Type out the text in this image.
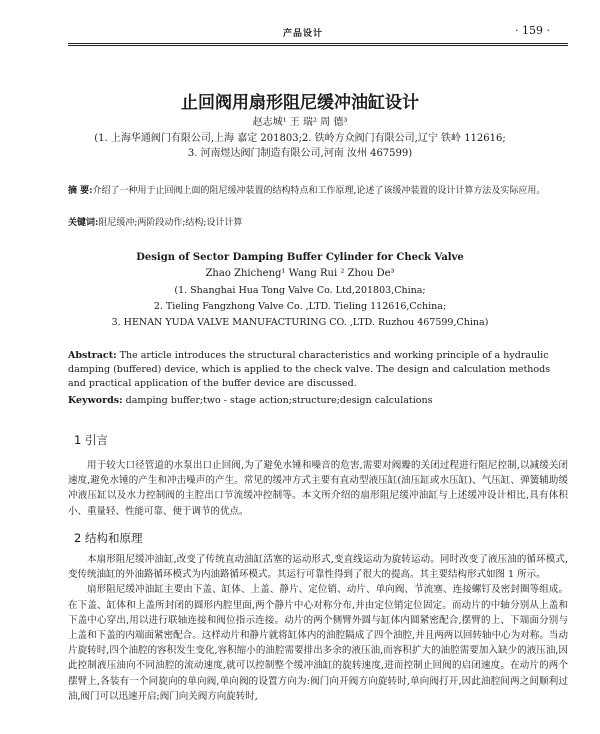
产品设计	· 159 ·
止回阀用扇形阻尼缓冲油缸设计
赵志城¹ 王 瑞² 周 德³
(1. 上海华通阀门有限公司,上海 嘉定 201803;2. 铁岭方众阀门有限公司,辽宁 铁岭 112616;
3. 河南煜达阀门制造有限公司,河南 汝州 467599)
摘 要:介绍了一种用于止回阀上面的阻尼缓冲装置的结构特点和工作原理,论述了该缓冲装置的设计计算方法及实际应用。
关键词:阻尼缓冲;两阶段动作;结构;设计计算
Design of Sector Damping Buffer Cylinder for Check Valve
Zhao Zhicheng¹ Wang Rui ² Zhou De³
(1. Shanghai Hua Tong Valve Co. Ltd,201803,China;
2. Tieling Fangzhong Valve Co. ,LTD. Tieling 112616,Cchina;
3. HENAN YUDA VALVE MANUFACTURING CO. ,LTD. Ruzhou 467599,China)
Abstract: The article introduces the structural characteristics and working principle of a hydraulic damping (buffered) device, which is applied to the check valve. The design and calculation methods and practical application of the buffer device are discussed.
Keywords: damping buffer;two - stage action;structure;design calculations
1 引言

用于较大口径管道的水泵出口止回阀,为了避免水锤和噪音的危害,需要对阀瓣的关闭过程进行阻尼控制,以减缓关闭速度,避免水锤的产生和冲击噪声的产生。常见的缓冲方式主要有直动型液压缸(油压缸或水压缸)、气压缸、弹簧辅助缓冲液压缸以及水力控制阀的主腔出口节流缓冲控制等。本文所介绍的扇形阻尼缓冲油缸与上述缓冲设计相比,具有体积小、重量轻、性能可靠、便于调节的优点。

2 结构和原理

本扇形阻尼缓冲油缸,改变了传统直动油缸活塞的运动形式,变直线运动为旋转运动。同时改变了液压油的循环模式,变传统油缸的外油路循环模式为内油路循环模式。其运行可靠性得到了很大的提高。其主要结构形式如图 1 所示。

扇形阻尼缓冲油缸主要由下盖、缸体、上盖、静片、定位销、动片、单向阀、节流塞、连接螺钉及密封圈等组成。在下盖、缸体和上盖所封闭的圆形内腔里面,两个静片中心对称分布,并由定位销定位固定。而动片的中轴分别从上盖和下盖中心穿出,用以进行联轴连接和阀位指示连接。动片的两个侧臂外圆与缸体内圆紧密配合,摆臂的上、下端面分别与上盖和下盖的内端面紧密配合。这样动片和静片就将缸体内的油腔隔成了四个油腔,并且两两以回转轴中心为对称。当动片旋转时,四个油腔的容积发生变化,容积缩小的油腔需要排出多余的液压油,而容积扩大的油腔需要加入缺少的液压油,因此控制液压油向不同油腔的流动速度,就可以控制整个缓冲油缸的旋转速度,进而控制止回阀的启闭速度。在动片的两个摆臂上,各装有一个同旋向的单向阀,单向阀的设置方向为:阀门向开阀方向旋转时,单向阀打开,因此油腔间两之间顺利过油,阀门可以迅速开启;阀门向关阀方向旋转时,
